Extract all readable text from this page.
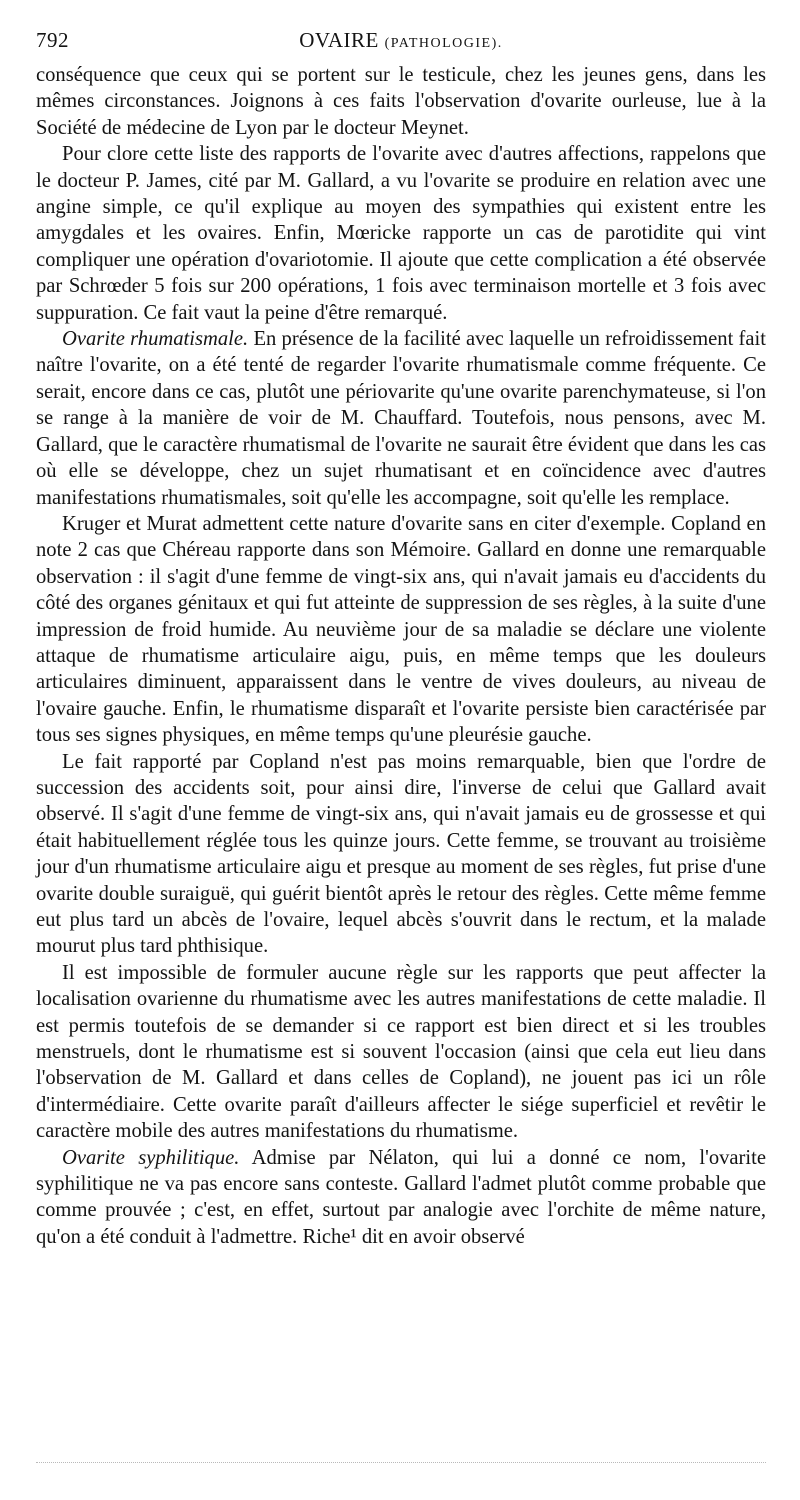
792	OVAIRE (PATHOLOGIE).

conséquence que ceux qui se portent sur le testicule, chez les jeunes gens, dans les mêmes circonstances. Joignons à ces faits l'observation d'ovarite ourleuse, lue à la Société de médecine de Lyon par le docteur Meynet.

Pour clore cette liste des rapports de l'ovarite avec d'autres affections, rappelons que le docteur P. James, cité par M. Gallard, a vu l'ovarite se produire en relation avec une angine simple, ce qu'il explique au moyen des sympathies qui existent entre les amygdales et les ovaires. Enfin, Mœricke rapporte un cas de parotidite qui vint compliquer une opération d'ovariotomie. Il ajoute que cette complication a été observée par Schrœder 5 fois sur 200 opérations, 1 fois avec terminaison mortelle et 3 fois avec suppuration. Ce fait vaut la peine d'être remarqué.

Ovarite rhumatismale. En présence de la facilité avec laquelle un refroidissement fait naître l'ovarite, on a été tenté de regarder l'ovarite rhumatismale comme fréquente. Ce serait, encore dans ce cas, plutôt une périovarite qu'une ovarite parenchymateuse, si l'on se range à la manière de voir de M. Chauffard. Toutefois, nous pensons, avec M. Gallard, que le caractère rhumatismal de l'ovarite ne saurait être évident que dans les cas où elle se développe, chez un sujet rhumatisant et en coïncidence avec d'autres manifestations rhumatismales, soit qu'elle les accompagne, soit qu'elle les remplace.

Kruger et Murat admettent cette nature d'ovarite sans en citer d'exemple. Copland en note 2 cas que Chéreau rapporte dans son Mémoire. Gallard en donne une remarquable observation : il s'agit d'une femme de vingt-six ans, qui n'avait jamais eu d'accidents du côté des organes génitaux et qui fut atteinte de suppression de ses règles, à la suite d'une impression de froid humide. Au neuvième jour de sa maladie se déclare une violente attaque de rhumatisme articulaire aigu, puis, en même temps que les douleurs articulaires diminuent, apparaissent dans le ventre de vives douleurs, au niveau de l'ovaire gauche. Enfin, le rhumatisme disparaît et l'ovarite persiste bien caractérisée par tous ses signes physiques, en même temps qu'une pleurésie gauche.

Le fait rapporté par Copland n'est pas moins remarquable, bien que l'ordre de succession des accidents soit, pour ainsi dire, l'inverse de celui que Gallard avait observé. Il s'agit d'une femme de vingt-six ans, qui n'avait jamais eu de grossesse et qui était habituellement réglée tous les quinze jours. Cette femme, se trouvant au troisième jour d'un rhumatisme articulaire aigu et presque au moment de ses règles, fut prise d'une ovarite double suraiguë, qui guérit bientôt après le retour des règles. Cette même femme eut plus tard un abcès de l'ovaire, lequel abcès s'ouvrit dans le rectum, et la malade mourut plus tard phthisique.

Il est impossible de formuler aucune règle sur les rapports que peut affecter la localisation ovarienne du rhumatisme avec les autres manifestations de cette maladie. Il est permis toutefois de se demander si ce rapport est bien direct et si les troubles menstruels, dont le rhumatisme est si souvent l'occasion (ainsi que cela eut lieu dans l'observation de M. Gallard et dans celles de Copland), ne jouent pas ici un rôle d'intermédiaire. Cette ovarite paraît d'ailleurs affecter le siége superficiel et revêtir le caractère mobile des autres manifestations du rhumatisme.

Ovarite syphilitique. Admise par Nélaton, qui lui a donné ce nom, l'ovarite syphilitique ne va pas encore sans conteste. Gallard l'admet plutôt comme probable que comme prouvée ; c'est, en effet, surtout par analogie avec l'orchite de même nature, qu'on a été conduit à l'admettre. Riche¹ dit en avoir observé
